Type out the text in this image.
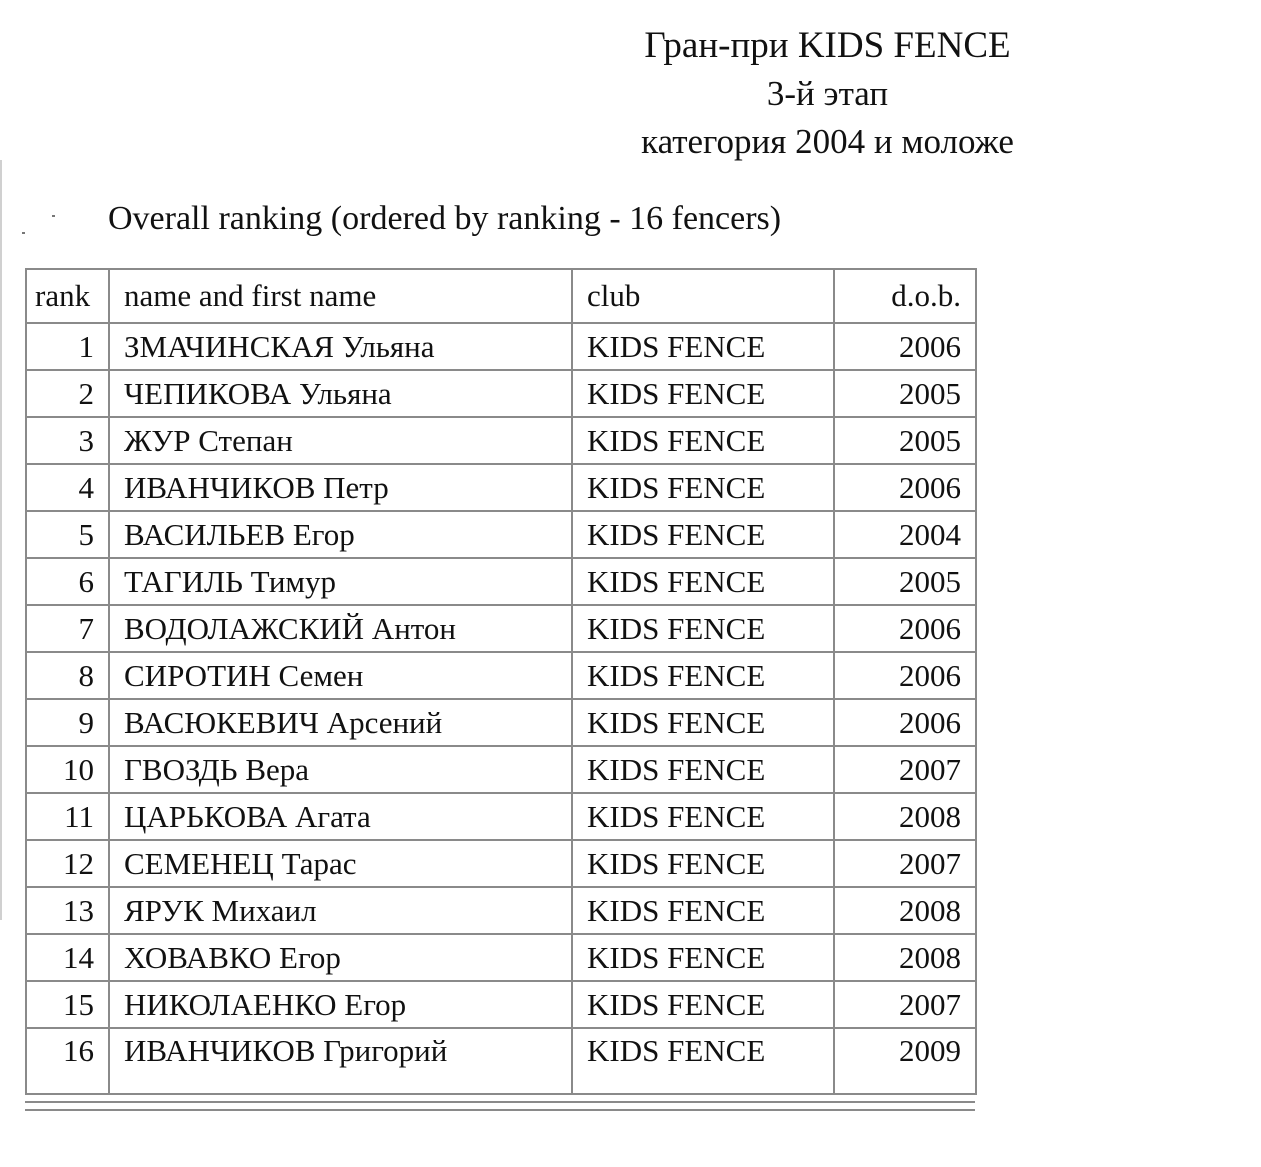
Гран-при KIDS FENCE
3-й этап
категория 2004 и моложе
Overall ranking (ordered by ranking - 16 fencers)
rank	name and first name	club	d.o.b.
1	ЗМАЧИНСКАЯ Ульяна	KIDS FENCE	2006
2	ЧЕПИКОВА Ульяна	KIDS FENCE	2005
3	ЖУР Степан	KIDS FENCE	2005
4	ИВАНЧИКОВ Петр	KIDS FENCE	2006
5	ВАСИЛЬЕВ Егор	KIDS FENCE	2004
6	ТАГИЛЬ Тимур	KIDS FENCE	2005
7	ВОДОЛАЖСКИЙ Антон	KIDS FENCE	2006
8	СИРОТИН Семен	KIDS FENCE	2006
9	ВАСЮКЕВИЧ Арсений	KIDS FENCE	2006
10	ГВОЗДЬ Вера	KIDS FENCE	2007
11	ЦАРЬКОВА Агата	KIDS FENCE	2008
12	СЕМЕНЕЦ Тарас	KIDS FENCE	2007
13	ЯРУК Михаил	KIDS FENCE	2008
14	ХОВАВКО Егор	KIDS FENCE	2008
15	НИКОЛАЕНКО Егор	KIDS FENCE	2007
16	ИВАНЧИКОВ Григорий	KIDS FENCE	2009
